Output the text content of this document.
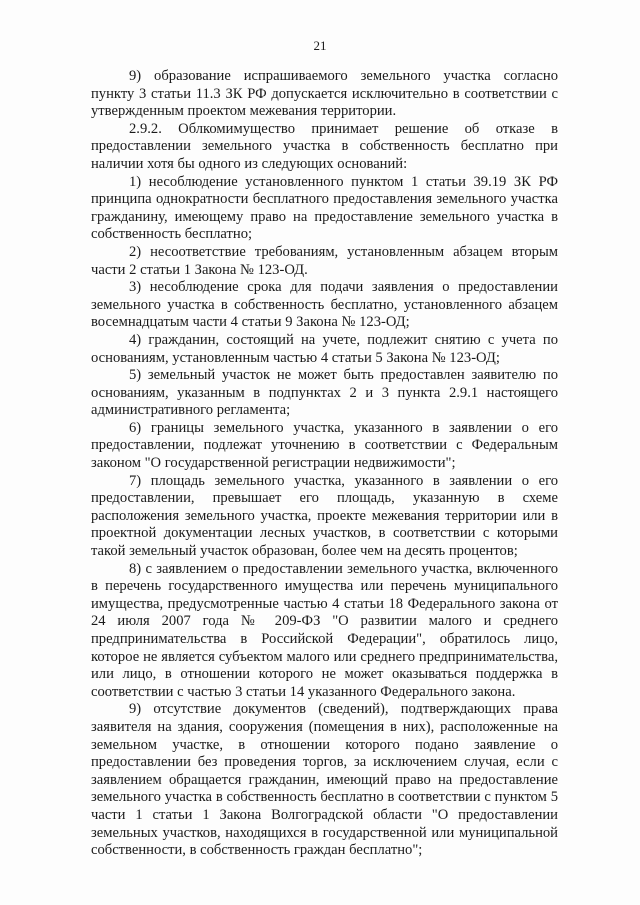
21

9) образование испрашиваемого земельного участка согласно пункту 3 статьи 11.3 ЗК РФ допускается исключительно в соответствии с утвержденным проектом межевания территории.

2.9.2. Облкомимущество принимает решение об отказе в предоставлении земельного участка в собственность бесплатно при наличии хотя бы одного из следующих оснований:

1) несоблюдение установленного пунктом 1 статьи 39.19 ЗК РФ принципа однократности бесплатного предоставления земельного участка гражданину, имеющему право на предоставление земельного участка в собственность бесплатно;

2) несоответствие требованиям, установленным абзацем вторым части 2 статьи 1 Закона № 123-ОД.

3) несоблюдение срока для подачи заявления о предоставлении земельного участка в собственность бесплатно, установленного абзацем восемнадцатым части 4 статьи 9 Закона № 123-ОД;

4) гражданин, состоящий на учете, подлежит снятию с учета по основаниям, установленным частью 4 статьи 5 Закона № 123-ОД;

5) земельный участок не может быть предоставлен заявителю по основаниям, указанным в подпунктах 2 и 3 пункта 2.9.1 настоящего административного регламента;

6) границы земельного участка, указанного в заявлении о его предоставлении, подлежат уточнению в соответствии с Федеральным законом "О государственной регистрации недвижимости";

7) площадь земельного участка, указанного в заявлении о его предоставлении, превышает его площадь, указанную в схеме расположения земельного участка, проекте межевания территории или в проектной документации лесных участков, в соответствии с которыми такой земельный участок образован, более чем на десять процентов;

8) с заявлением о предоставлении земельного участка, включенного в перечень государственного имущества или перечень муниципального имущества, предусмотренные частью 4 статьи 18 Федерального закона от 24 июля 2007 года № 209-ФЗ "О развитии малого и среднего предпринимательства в Российской Федерации", обратилось лицо, которое не является субъектом малого или среднего предпринимательства, или лицо, в отношении которого не может оказываться поддержка в соответствии с частью 3 статьи 14 указанного Федерального закона.

9) отсутствие документов (сведений), подтверждающих права заявителя на здания, сооружения (помещения в них), расположенные на земельном участке, в отношении которого подано заявление о предоставлении без проведения торгов, за исключением случая, если с заявлением обращается гражданин, имеющий право на предоставление земельного участка в собственность бесплатно в соответствии с пунктом 5 части 1 статьи 1 Закона Волгоградской области "О предоставлении земельных участков, находящихся в государственной или муниципальной собственности, в собственность граждан бесплатно";
